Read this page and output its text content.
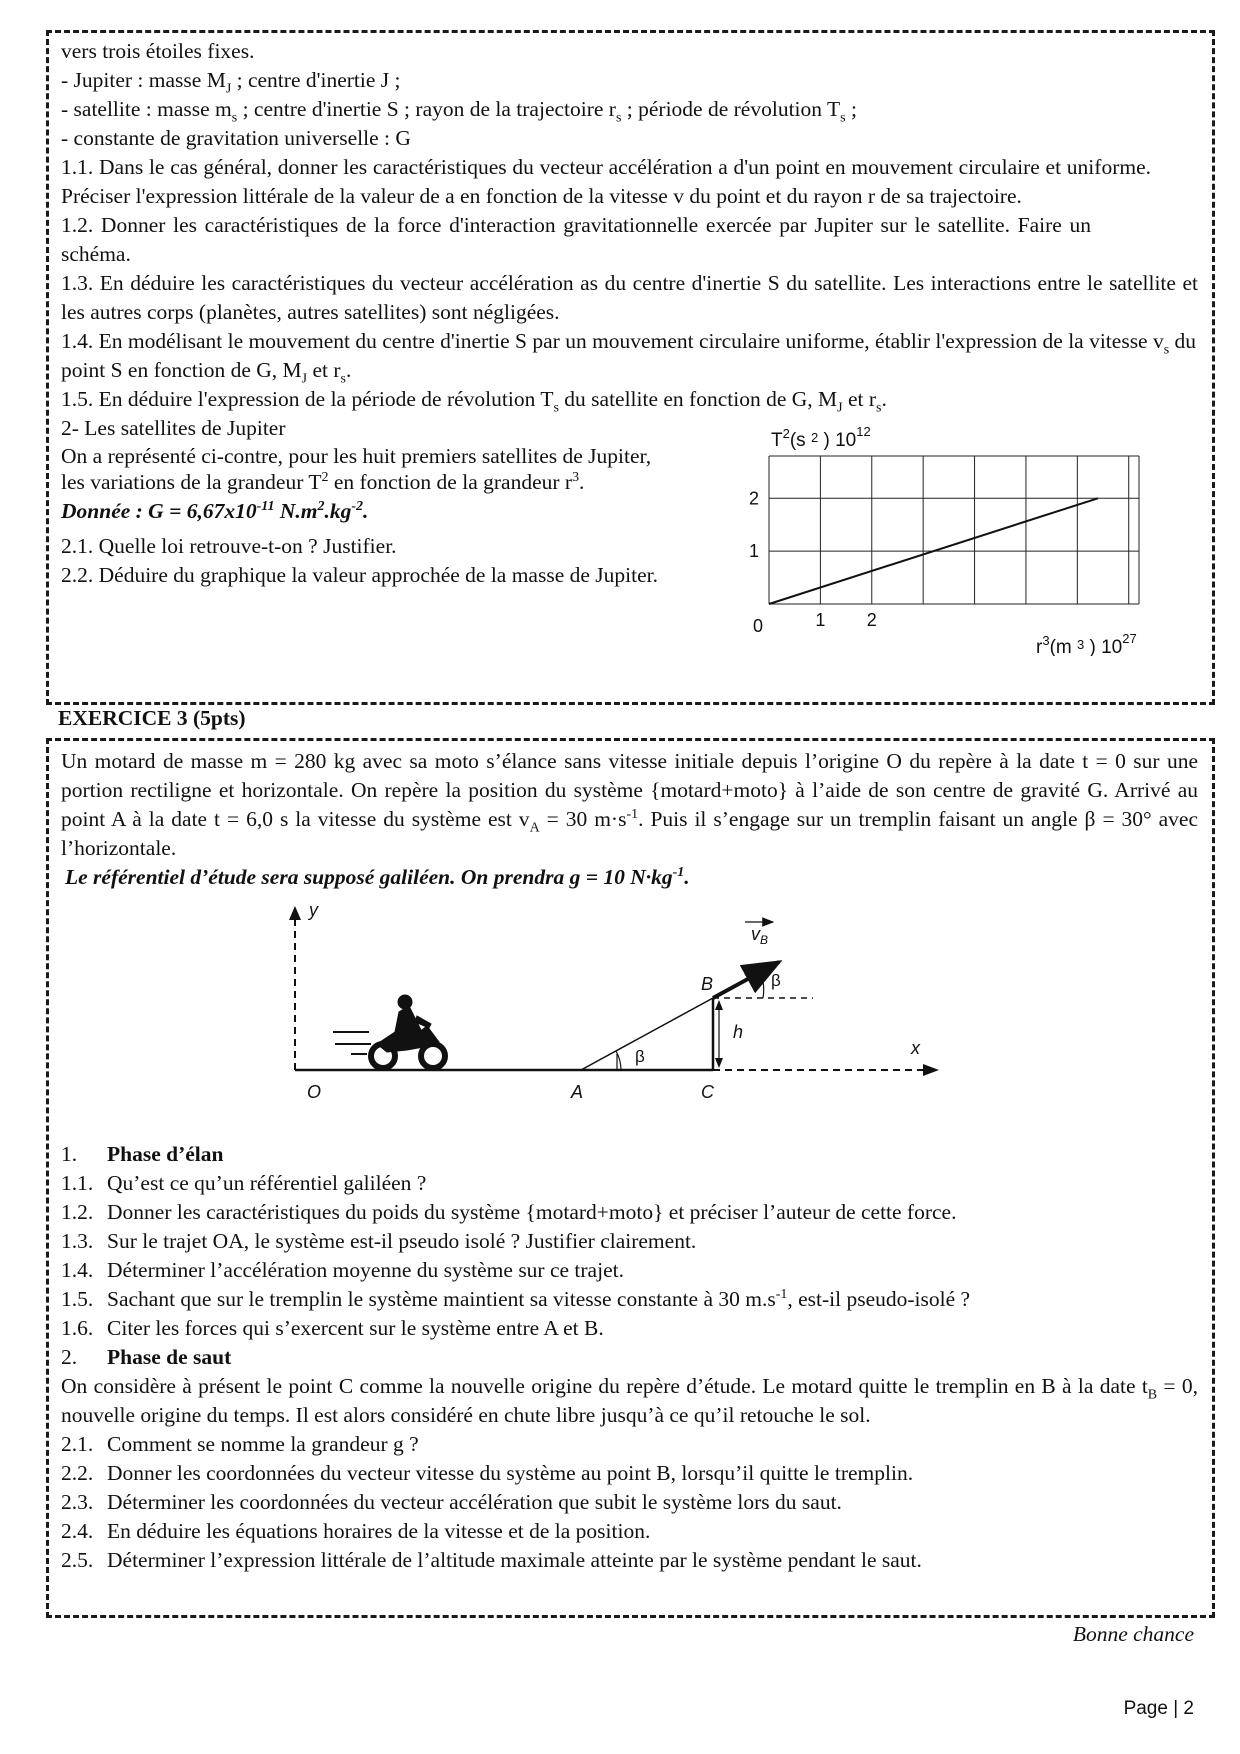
vers trois étoiles fixes.

- Jupiter : masse $M_J$ ; centre d'inertie J ;

- satellite : masse $m_s$ ; centre d'inertie S ; rayon de la trajectoire $r_s$ ; période de révolution $T_s$ ;

- constante de gravitation universelle : G

1.1. Dans le cas général, donner les caractéristiques du vecteur accélération a d'un point en mouvement circulaire et uniforme. Préciser l'expression littérale de la valeur de a en fonction de la vitesse v du point et du rayon r de sa trajectoire.

1.2. Donner les caractéristiques de la force d'interaction gravitationnelle exercée par Jupiter sur le satellite. Faire un schéma.

1.3. En déduire les caractéristiques du vecteur accélération as du centre d'inertie S du satellite. Les interactions entre le satellite et les autres corps (planètes, autres satellites) sont négligées.

1.4. En modélisant le mouvement du centre d'inertie S par un mouvement circulaire uniforme, établir l'expression de la vitesse $v_s$ du point S en fonction de G, $M_J$ et $r_s$.

1.5. En déduire l'expression de la période de révolution $T_s$ du satellite en fonction de G, $M_J$ et $r_s$.

2- Les satellites de Jupiter

On a représenté ci-contre, pour les huit premiers satellites de Jupiter, les variations de la grandeur $T^2$ en fonction de la grandeur $r^3$.

Donnée : $G = 6,67x10^{-11}$ $N.m^2.kg^{-2}$.

2.1. Quelle loi retrouve-t-on ? Justifier.

2.2. Déduire du graphique la valeur approchée de la masse de Jupiter.

$T^2(s$ $^2$ ) $10^{12}$
$r^3(m$ $^3$ ) $10^{27}$
0	1 2
1
2
EXERCICE 3 (5pts)

Un motard de masse m = 280 kg avec sa moto s’élance sans vitesse initiale depuis l’origine O du repère à la date t = 0 sur une portion rectiligne et horizontale. On repère la position du système {motard+moto} à l’aide de son centre de gravité G. Arrivé au point A à la date t = 6,0 s la vitesse du système est $v_A = 30$ $m\cdot s^{-1}$. Puis il s’engage sur un tremplin faisant un angle β = 30° avec l’horizontale.

Le référentiel d’étude sera supposé galiléen. On prendra g = 10 $N\cdot kg^{-1}$.

y
x
h
β
β
O	A	C
B
$v_B$
1.	Phase d’élan
1.1. Qu’est ce qu’un référentiel galiléen ?
1.2. Donner les caractéristiques du poids du système {motard+moto} et préciser l’auteur de cette force.
1.3. Sur le trajet OA, le système est-il pseudo isolé ? Justifier clairement.
1.4. Déterminer l’accélération moyenne du système sur ce trajet.
1.5. Sachant que sur le tremplin le système maintient sa vitesse constante à 30 $m.s^{-1}$, est-il pseudo-isolé ?
1.6. Citer les forces qui s’exercent sur le système entre A et B.
2.	Phase de saut

On considère à présent le point C comme la nouvelle origine du repère d’étude. Le motard quitte le tremplin en B à la date $t_B = 0$, nouvelle origine du temps. Il est alors considéré en chute libre jusqu’à ce qu’il retouche le sol.

2.1. Comment se nomme la grandeur g ?
2.2. Donner les coordonnées du vecteur vitesse du système au point B, lorsqu’il quitte le tremplin.
2.3. Déterminer les coordonnées du vecteur accélération que subit le système lors du saut.
2.4. En déduire les équations horaires de la vitesse et de la position.
2.5. Déterminer l’expression littérale de l’altitude maximale atteinte par le système pendant le saut.
Bonne chance
Page | 2
